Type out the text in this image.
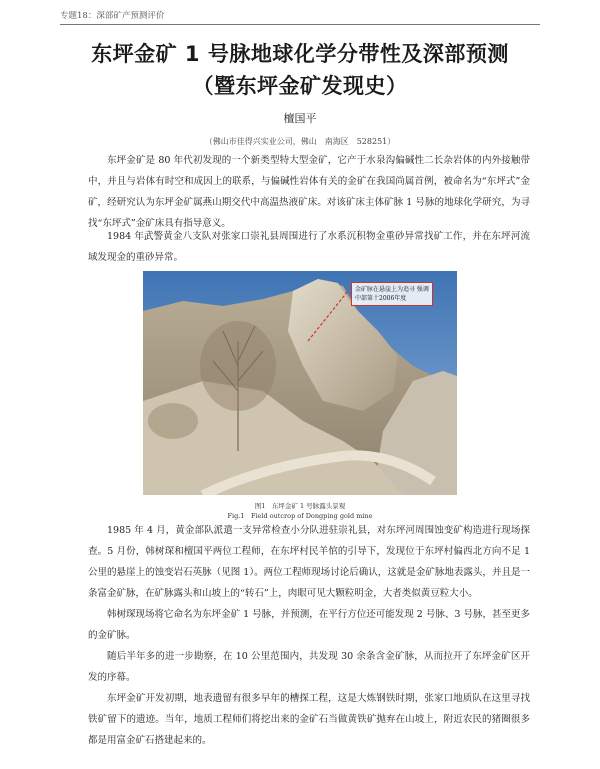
专题18：深部矿产预测评价
东坪金矿 1 号脉地球化学分带性及深部预测
（暨东坪金矿发现史）
檀国平
（佛山市佳得兴实业公司，佛山　南海区　528251）

东坪金矿是 80 年代初发现的一个新类型特大型金矿，它产于水泉沟偏碱性二长杂岩体的内外接触带中，并且与岩体有时空和成因上的联系，与偏碱性岩体有关的金矿在我国尚属首例，被命名为“东坪式”金矿，经研究认为东坪金矿属燕山期交代中高温热液矿床。对该矿床主体矿脉 1 号脉的地球化学研究，为寻找“东坪式”金矿床具有指导意义。

1984 年武警黄金八支队对张家口崇礼县周围进行了水系沉积物金重砂异常找矿工作，并在东坪河流域发现金的重砂异常。

金矿脉在悬崖上为追寻 强调中部第十2006年度
图1　东坪金矿 1 号脉露头景观
Fig.1　Field outcrop of Dongping gold mine

1985 年 4 月，黄金部队派遣一支异常检查小分队进驻崇礼县，对东坪河周围蚀变矿构造进行现场探查。5 月份，韩树琛和檀国平两位工程师，在东坪村民羊倌的引导下，发现位于东坪村偏西北方向不足 1 公里的悬崖上的蚀变岩石英脉（见图 1）。两位工程师现场讨论后确认，这就是金矿脉地表露头，并且是一条富金矿脉，在矿脉露头和山坡上的“转石”上，肉眼可见大颗粒明金，大者类似黄豆粒大小。

韩树琛现场将它命名为东坪金矿 1 号脉，并预测，在平行方位还可能发现 2 号脉、3 号脉，甚至更多的金矿脉。

随后半年多的进一步勘察，在 10 公里范围内，共发现 30 余条含金矿脉，从而拉开了东坪金矿区开发的序幕。

东坪金矿开发初期，地表遗留有很多早年的槽探工程，这是大炼钢铁时期，张家口地质队在这里寻找铁矿留下的遗迹。当年，地质工程师们将挖出来的金矿石当做黄铁矿抛弃在山坡上，附近农民的猪圈很多都是用富金矿石搭建起来的。
